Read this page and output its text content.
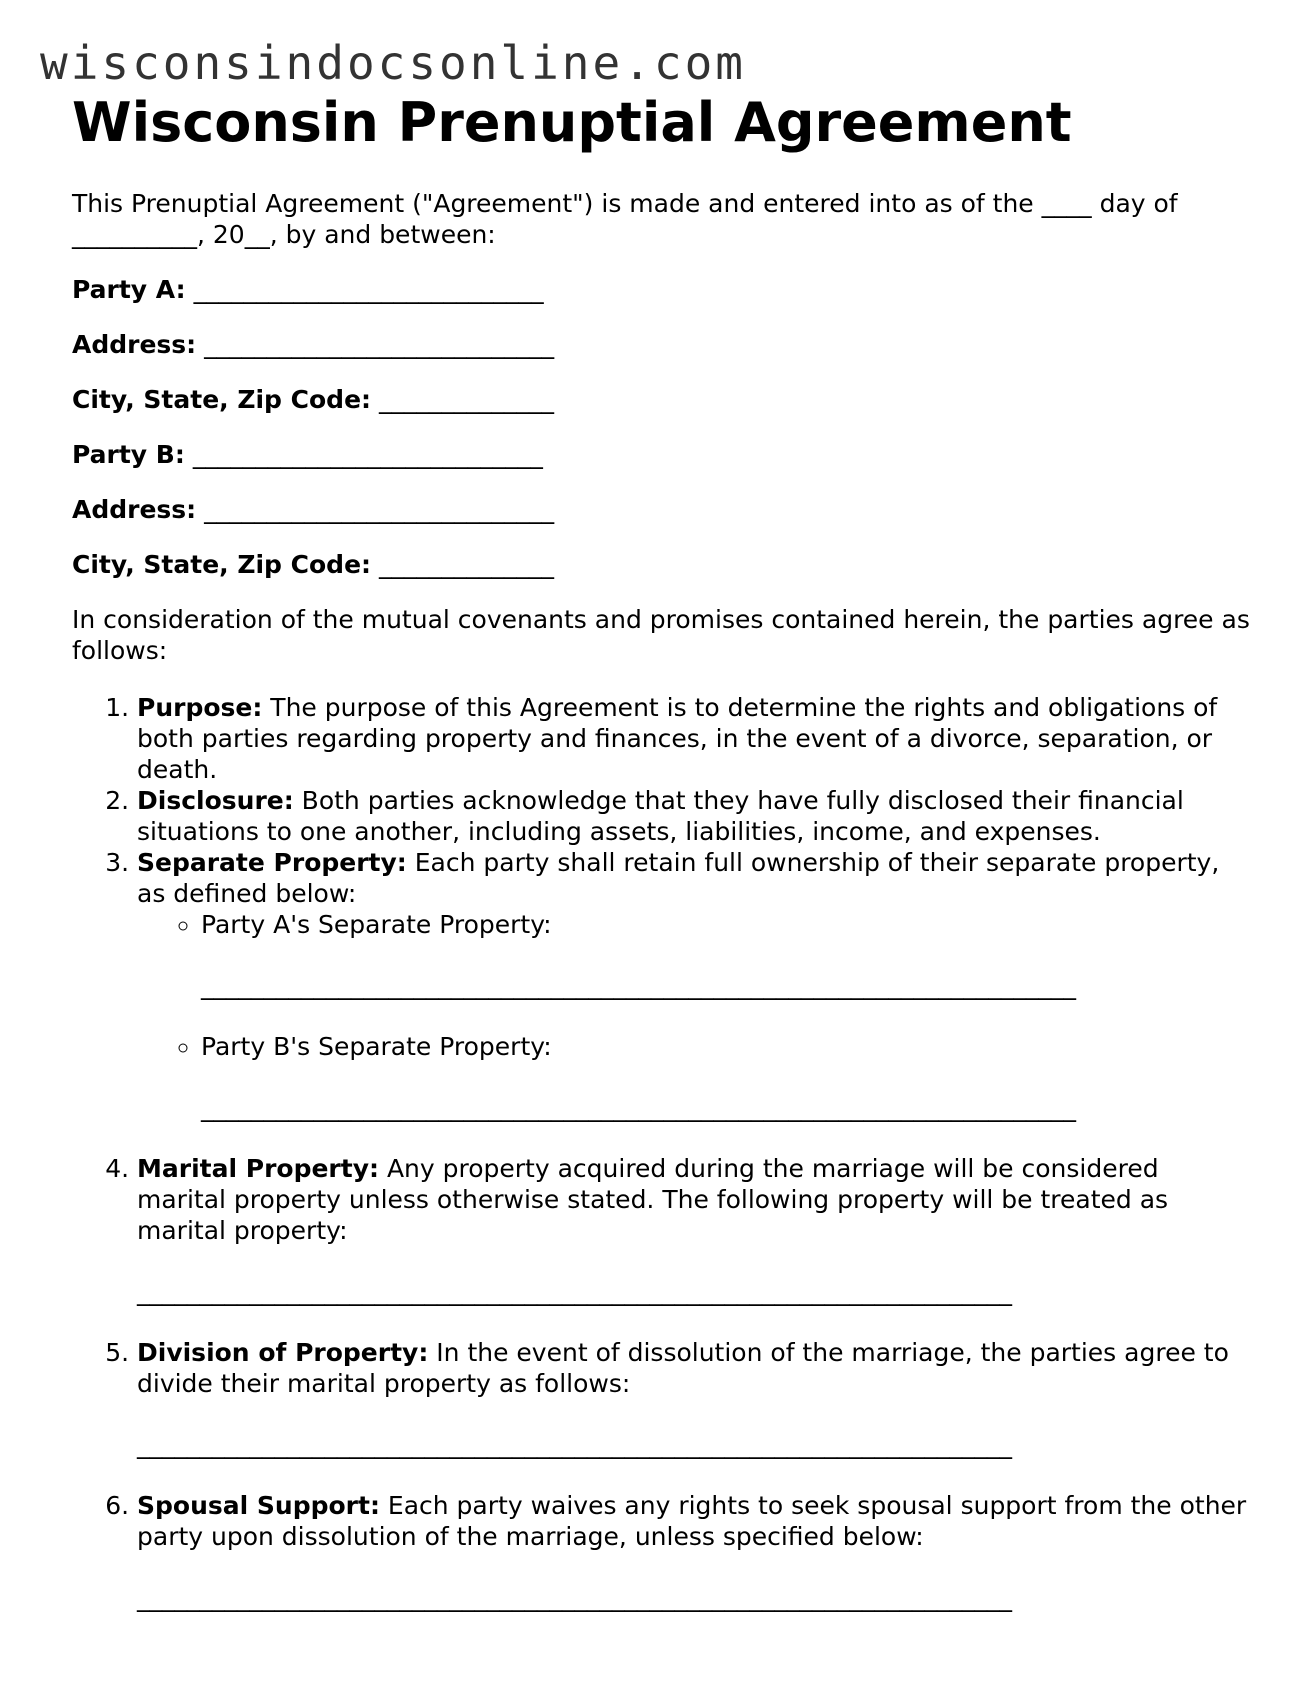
wisconsindocsonline.com
Wisconsin Prenuptial Agreement

This Prenuptial Agreement ("Agreement") is made and entered into as of the ____ day of __________, 20__, by and between:

Party A: ____________________________
Address: ____________________________
City, State, Zip Code: ______________
Party B: ____________________________
Address: ____________________________
City, State, Zip Code: ______________

In consideration of the mutual covenants and promises contained herein, the parties agree as follows:

1. Purpose: The purpose of this Agreement is to determine the rights and obligations of both parties regarding property and finances, in the event of a divorce, separation, or death.
2. Disclosure: Both parties acknowledge that they have fully disclosed their financial situations to one another, including assets, liabilities, income, and expenses.
3. Separate Property: Each party shall retain full ownership of their separate property, as defined below:
◦ Party A's Separate Property:
______________________________________________________________________
◦ Party B's Separate Property:
______________________________________________________________________
4. Marital Property: Any property acquired during the marriage will be considered marital property unless otherwise stated. The following property will be treated as marital property:
______________________________________________________________________
5. Division of Property: In the event of dissolution of the marriage, the parties agree to divide their marital property as follows:
______________________________________________________________________
6. Spousal Support: Each party waives any rights to seek spousal support from the other party upon dissolution of the marriage, unless specified below:
______________________________________________________________________
